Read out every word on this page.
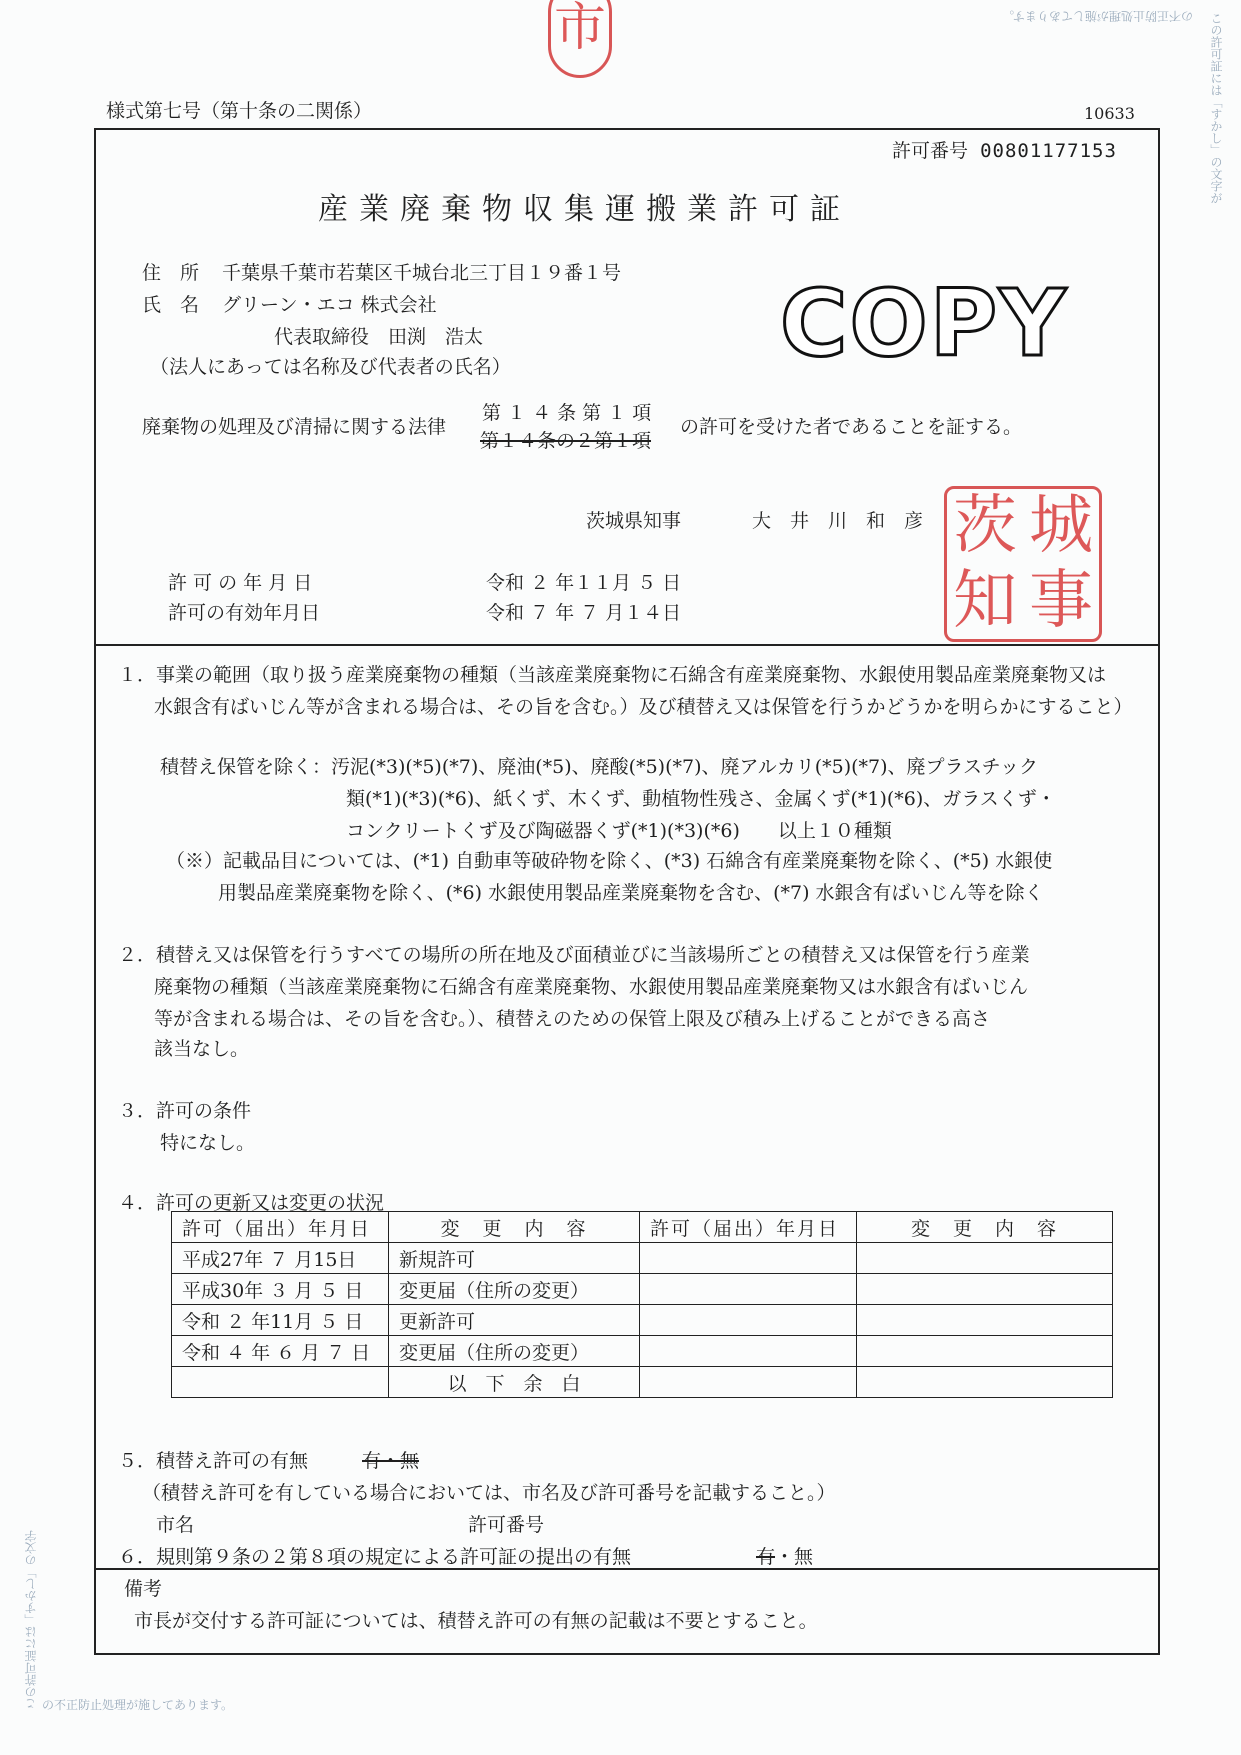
市	の不正防止処理が施してあります。 この許可証には「すかし」の文字が
この許可証には「すかし」の文字 の不正防止処理が施してあります。
様式第七号（第十条の二関係）	10633
許可番号 00801177153
産業廃棄物収集運搬業許可証
住　所 千葉県千葉市若葉区千城台北三丁目１９番１号
氏　名 グリーン・エコ 株式会社
代表取締役　田渕　浩太
（法人にあっては名称及び代表者の氏名）	COPY
廃棄物の処理及び清掃に関する法律
第 １ ４ 条 第 １ 項
第１４条の２第１項
の許可を受けた者であることを証する。
茨城県知事	大　井　川　和　彦 茨 城
知 事
許 可 の 年 月 日	令和 ２ 年１１月 ５ 日
許可の有効年月日	令和 ７ 年 ７ 月１４日
１．事業の範囲（取り扱う産業廃棄物の種類（当該産業廃棄物に石綿含有産業廃棄物、水銀使用製品産業廃棄物又は
水銀含有ばいじん等が含まれる場合は、その旨を含む。）及び積替え又は保管を行うかどうかを明らかにすること）
積替え保管を除く：汚泥(*3)(*5)(*7)、廃油(*5)、廃酸(*5)(*7)、廃アルカリ(*5)(*7)、廃プラスチック
類(*1)(*3)(*6)、紙くず、木くず、動植物性残さ、金属くず(*1)(*6)、ガラスくず・
コンクリートくず及び陶磁器くず(*1)(*3)(*6)　　以上１０種類
（※）記載品目については、(*1) 自動車等破砕物を除く、(*3) 石綿含有産業廃棄物を除く、(*5) 水銀使
用製品産業廃棄物を除く、(*6) 水銀使用製品産業廃棄物を含む、(*7) 水銀含有ばいじん等を除く
２．積替え又は保管を行うすべての場所の所在地及び面積並びに当該場所ごとの積替え又は保管を行う産業
廃棄物の種類（当該産業廃棄物に石綿含有産業廃棄物、水銀使用製品産業廃棄物又は水銀含有ばいじん
等が含まれる場合は、その旨を含む。）、積替えのための保管上限及び積み上げることができる高さ
該当なし。
３．許可の条件
特になし。
４．許可の更新又は変更の状況
許可（届出）年月日	変　更　内　容	許可（届出）年月日	変　更　内　容
平成27年 ７ 月15日	新規許可		
平成30年 ３ 月 ５ 日	変更届（住所の変更）		
令和 ２ 年11月 ５ 日	更新許可		
令和 ４ 年 ６ 月 ７ 日	変更届（住所の変更）		
	以　下　余　白		
５．積替え許可の有無	有・無
（積替え許可を有している場合においては、市名及び許可番号を記載すること。）
市名	許可番号
６．規則第９条の２第８項の規定による許可証の提出の有無	有・無
備考
市長が交付する許可証については、積替え許可の有無の記載は不要とすること。
